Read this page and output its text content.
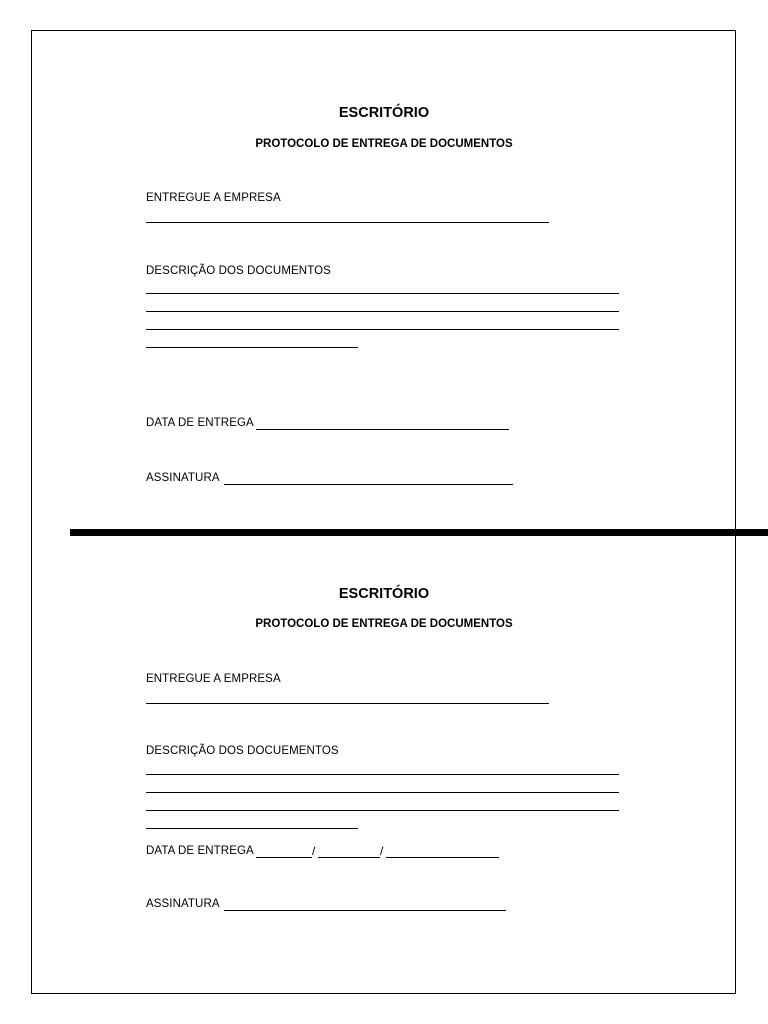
ESCRITÓRIO
PROTOCOLO DE ENTREGA DE DOCUMENTOS
ENTREGUE A EMPRESA
DESCRIÇÃO DOS DOCUMENTOS
DATA DE ENTREGA
ASSINATURA
ESCRITÓRIO
PROTOCOLO DE ENTREGA DE DOCUMENTOS
ENTREGUE A EMPRESA
DESCRIÇÃO DOS DOCUEMENTOS
DATA DE ENTREGA	/	/
ASSINATURA
